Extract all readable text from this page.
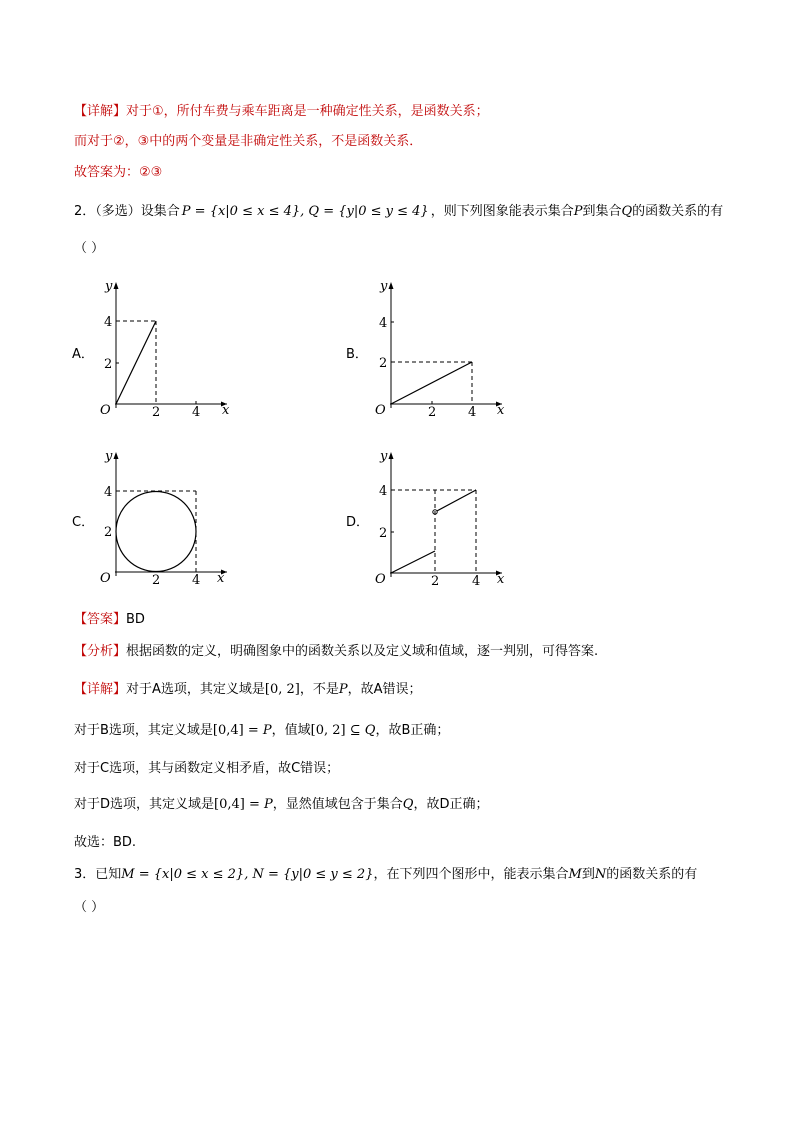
【详解】对于①，所付车费与乘车距离是一种确定性关系，是函数关系；
而对于②，③中的两个变量是非确定性关系，不是函数关系．
故答案为：②③
2．（多选）设集合 P = {x|0 ≤ x ≤ 4}, Q = {y|0 ≤ y ≤ 4} ，则下列图象能表示集合P到集合Q的函数关系的有
（ ）
A．	B．
C．	D．
y
x
O
4
2
2 4
y
x
O
4
2
2 4
y
x
O
4
2
2 4
y
x
O
4
2
2	4
【答案】BD
【分析】根据函数的定义，明确图象中的函数关系以及定义域和值域，逐一判别，可得答案.
【详解】对于A选项，其定义域是[0, 2]，不是P，故A错误；
对于B选项，其定义域是[0,4] = P，值域[0, 2] ⊆ Q，故B正确；
对于C选项，其与函数定义相矛盾，故C错误；
对于D选项，其定义域是[0,4] = P，显然值域包含于集合Q，故D正确；
故选：BD.
3．已知M = {x|0 ≤ x ≤ 2}, N = {y|0 ≤ y ≤ 2}，在下列四个图形中，能表示集合M到N的函数关系的有
（ ）
